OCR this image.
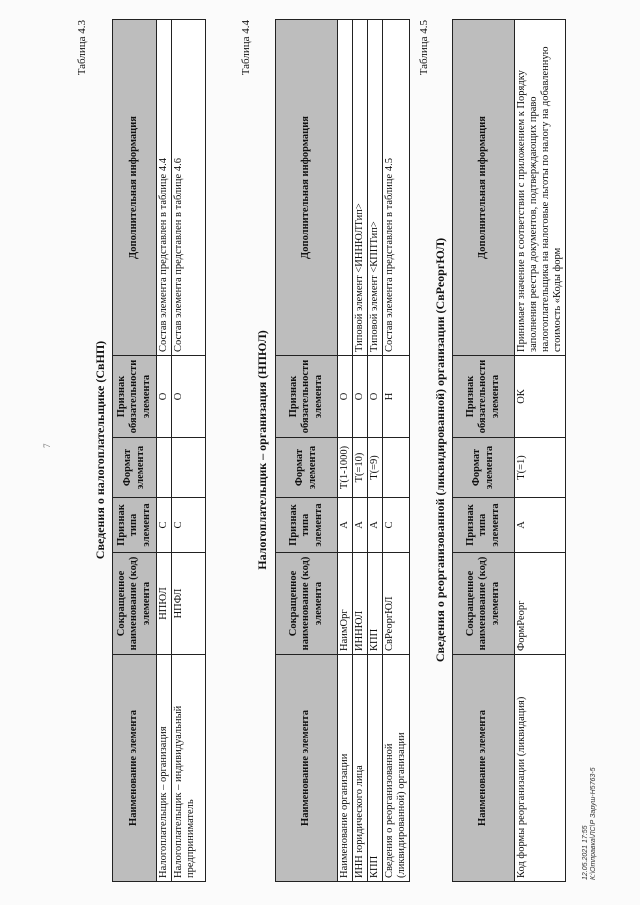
Таблица 4.3
Сведения о налогоплательщике (СвНП)
Наименование элемента	Сокращенное наименование (код) элемента	Признак типа элемента	Формат элемента	Признак обязательности элемента	Дополнительная информация
Налогоплательщик – организация	НПЮЛ	С		О	Состав элемента представлен в таблице 4.4
Налогоплательщик – индивидуальный предприниматель	НПФЛ	С		О	Состав элемента представлен в таблице 4.6
Таблица 4.4
Налогоплательщик – организация (НПЮЛ)
Наименование элемента	Сокращенное наименование (код) элемента	Признак типа элемента	Формат элемента	Признак обязательности элемента	Дополнительная информация
Наименование организации	НаимОрг	А	T(1-1000)	О	
ИНН юридического лица	ИННЮЛ	А	T(=10)	О	Типовой элемент <ИННЮЛТип>
КПП	КПП	А	T(=9)	О	Типовой элемент <КППТип>
Сведения о реорганизованной (ликвидированной) организации	СвРеоргЮЛ	С		Н	Состав элемента представлен в таблице 4.5
Таблица 4.5
Сведения о реорганизованной (ликвидированной) организации (СвРеоргЮЛ)
Наименование элемента	Сокращенное наименование (код) элемента	Признак типа элемента	Формат элемента	Признак обязательности элемента	Дополнительная информация
Код формы реорганизации (ликвидация)	ФормРеорг	А	T(=1)	ОК	Принимает значение в соответствии с приложением к Порядку заполнения реестра документов, подтверждающих право налогоплательщика на налоговые льготы по налогу на добавленную стоимость «Коды форм
7
12.05.2021 17:55 К:\Отправка\ЛС\Р Заруш-Н5763-5
